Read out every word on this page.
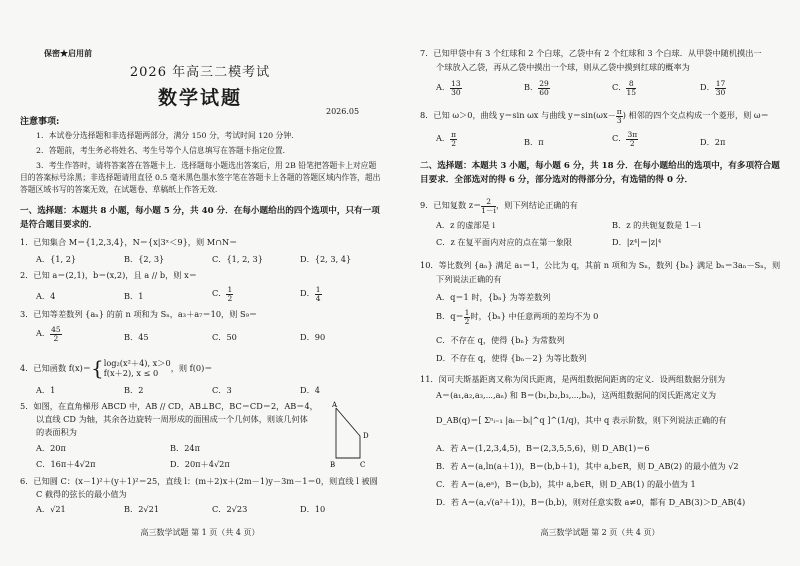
保密★启用前
2026 年高三二模考试
数学试题
2026.05
注意事项:
1．本试卷分选择题和非选择题两部分，满分 150 分，考试时间 120 分钟.
2．答题前，考生务必将姓名、考生号等个人信息填写在答题卡指定位置.
3．考生作答时，请将答案答在答题卡上．选择题每小题选出答案后，用 2B 铅笔把答题卡上对应题目的答案标号涂黑；非选择题请用直径 0.5 毫米黑色墨水签字笔在答题卡上各题的答题区域内作答，超出答题区域书写的答案无效，在试题卷、草稿纸上作答无效.
一、选择题：本题共 8 小题，每小题 5 分，共 40 分．在每小题给出的四个选项中，只有一项是符合题目要求的．
1．已知集合 M＝{1,2,3,4}，N＝{x|3ˣ＜9}，则 M∩N＝
A．{1, 2}	B．{2, 3}	C．{1, 2, 3}	D．{2, 3, 4}
2．已知 a＝(2,1)，b＝(x,2)，且 a // b，则 x＝
A．4	B．1	C． $\frac{1}{2}$	D． $\frac{1}{4}$
3．已知等差数列 {aₙ} 的前 n 项和为 Sₙ，a₃＋a₇＝10，则 S₉＝
A． $\frac{45}{2}$	B．45	C．50	D．90
4．已知函数 f(x)＝ { log₂(x²＋4), x＞0
f(x＋2), x ≤ 0
，则 f(0)＝
A．1	B．2	C．3	D．4
5．如图，在直角梯形 ABCD 中，AB // CD，AB⊥BC，BC＝CD＝2，AB＝4，
以直线 CD 为轴，其余各边旋转一周形成的面围成一个几何体，则该几何体
的表面积为
A．20π	B．24π
C．16π＋4√2π	D．20π＋4√2π
A
B	C
D
6．已知圆 C：(x－1)²＋(y＋1)²＝25，直线 l：(m＋2)x＋(2m－1)y－3m－1＝0，则直线 l 被圆
C 截得的弦长的最小值为
A．√21	B．2√21	C．2√23	D．10
高三数学试题 第 1 页（共 4 页）
7．已知甲袋中有 3 个红球和 2 个白球，乙袋中有 2 个红球和 3 个白球．从甲袋中随机摸出一
个球放入乙袋，再从乙袋中摸出一个球，则从乙袋中摸到红球的概率为
A． $\frac{13}{30}$	B． $\frac{29}{60}$	C． $\frac{8}{15}$	D． $\frac{17}{30}$
8．已知 ω＞0，曲线 y＝sin ωx 与曲线 $y=\sin(\omega x- \frac{\pi}{3}$ ) 相邻的四个交点构成一个菱形，则 ω＝
A． $\frac{\pi}{2}$	B．π	C． $\frac{3\pi}{2}$	D．2π
二、选择题：本题共 3 小题，每小题 6 分，共 18 分．在每小题给出的选项中，有多项符合题目要求．全部选对的得 6 分，部分选对的得部分分，有选错的得 0 分．
9．已知复数 $z= \frac{2}{1-i}$ ，则下列结论正确的有
A．z 的虚部是 i	B．z 的共轭复数是 1－i
C．z 在复平面内对应的点在第一象限	D．|z⁴|＝|z|⁴
10．等比数列 {aₙ} 满足 a₁＝1，公比为 q，其前 n 项和为 Sₙ，数列 {bₙ} 满足 bₙ＝3aₙ－Sₙ，则
下列说法正确的有
A．q＝1 时，{bₙ} 为等差数列
B．$q= \frac{1}{2}$ 时，{bₙ} 中任意两项的差均不为 0
C．不存在 q，使得 {bₙ} 为常数列
D．不存在 q，使得 {bₙ－2} 为等比数列
11．闵可夫斯基距离又称为闵氏距离，是两组数据间距离的定义．设两组数据分别为
A＝(a₁,a₂,a₃,⋯,aₙ) 和 B＝(b₁,b₂,b₃,⋯,bₙ)，这两组数据间的闵氏距离定义为
D_AB(q)＝[ Σⁿᵢ₌₁ |aᵢ－bᵢ|^q ]^(1/q)，其中 q 表示阶数，则下列说法正确的有
A．若 A＝(1,2,3,4,5)，B＝(2,3,5,5,6)，则 D_AB(1)＝6
B．若 A＝(a,ln(a＋1))，B＝(b,b＋1)，其中 a,b∈R，则 D_AB(2) 的最小值为 √2
C．若 A＝(a,eᵃ)，B＝(b,b)，其中 a,b∈R，则 D_AB(1) 的最小值为 1
D．若 A＝(a,√(a²＋1))，B＝(b,b)，则对任意实数 a≠0，都有 D_AB(3)＞D_AB(4)
高三数学试题 第 2 页（共 4 页）
